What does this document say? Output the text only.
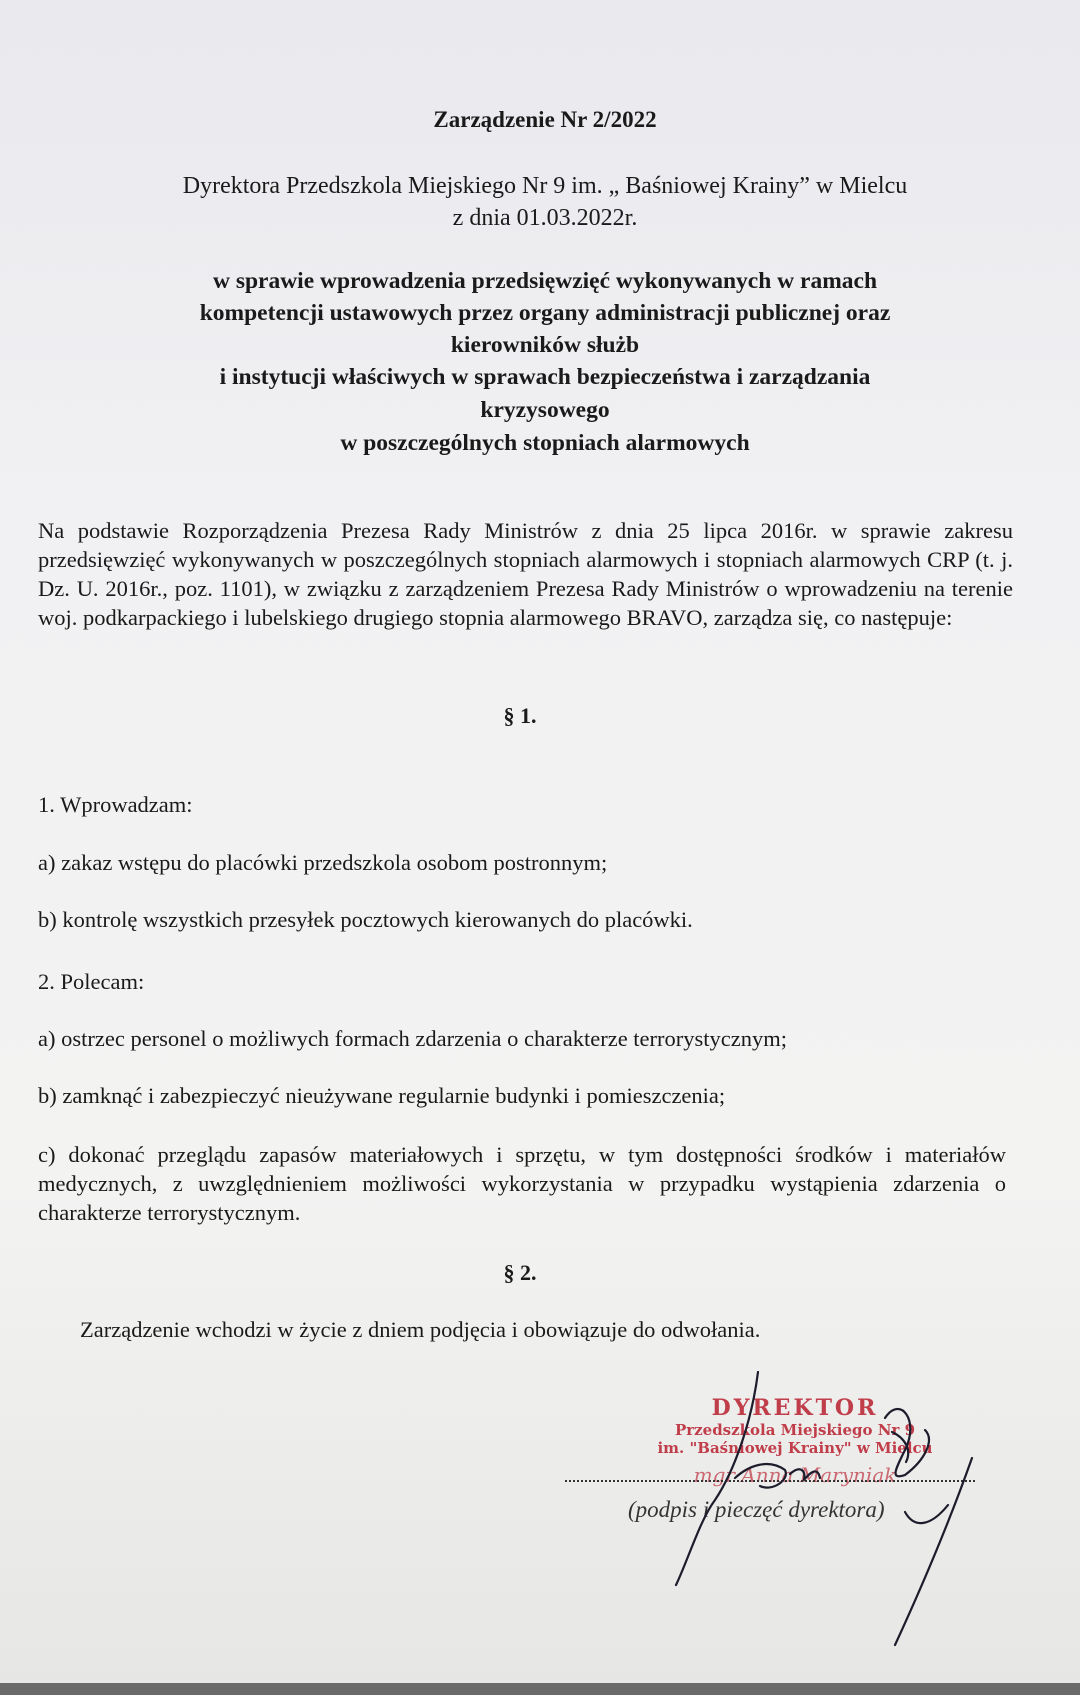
Zarządzenie Nr 2/2022

Dyrektora Przedszkola Miejskiego Nr 9 im. „ Baśniowej Krainy” w Mielcu

z dnia 01.03.2022r.

w sprawie wprowadzenia przedsięwzięć wykonywanych w ramach

kompetencji ustawowych przez organy administracji publicznej oraz

kierowników służb

i instytucji właściwych w sprawach bezpieczeństwa i zarządzania

kryzysowego

w poszczególnych stopniach alarmowych

Na podstawie Rozporządzenia Prezesa Rady Ministrów z dnia 25 lipca 2016r. w sprawie zakresu przedsięwzięć wykonywanych w poszczególnych stopniach alarmowych i stopniach alarmowych CRP (t. j. Dz. U. 2016r., poz. 1101), w związku z zarządzeniem Prezesa Rady Ministrów o wprowadzeniu na terenie woj. podkarpackiego i lubelskiego drugiego stopnia alarmowego BRAVO, zarządza się, co następuje:

§ 1.

1. Wprowadzam:

a) zakaz wstępu do placówki przedszkola osobom postronnym;

b) kontrolę wszystkich przesyłek pocztowych kierowanych do placówki.

2. Polecam:

a) ostrzec personel o możliwych formach zdarzenia o charakterze terrorystycznym;

b) zamknąć i zabezpieczyć nieużywane regularnie budynki i pomieszczenia;

c) dokonać przeglądu zapasów materiałowych i sprzętu, w tym dostępności środków i materiałów medycznych, z uwzględnieniem możliwości wykorzystania w przypadku wystąpienia zdarzenia o charakterze terrorystycznym.

§ 2.

Zarządzenie wchodzi w życie z dniem podjęcia i obowiązuje do odwołania.

DYREKTOR
Przedszkola Miejskiego Nr 9
im. "Baśniowej Krainy" w Mielcu
mgr Anna Maryniak

(podpis i pieczęć dyrektora)
